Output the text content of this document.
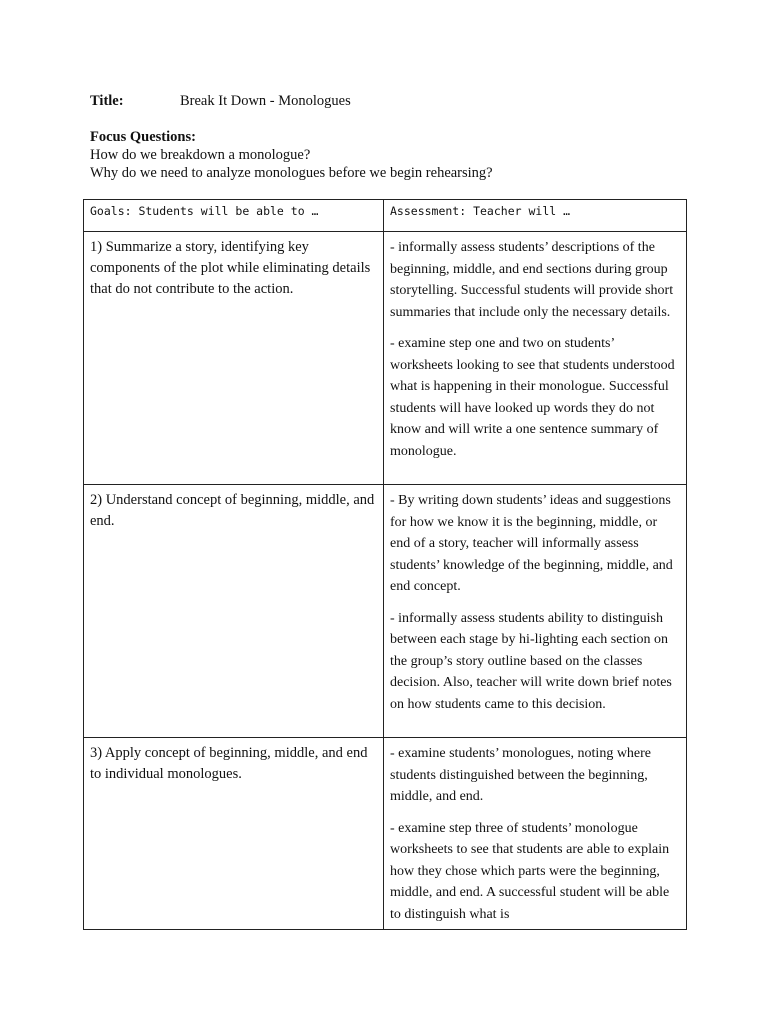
Title:	Break It Down - Monologues
Focus Questions:
How do we breakdown a monologue?
Why do we need to analyze monologues before we begin rehearsing?
Goals: Students will be able to …	Assessment: Teacher will …

1) Summarize a story, identifying key components of the plot while eliminating details that do not contribute to the action.	- informally assess students’ descriptions of the beginning, middle, and end sections during group storytelling. Successful students will provide short summaries that include only the necessary details.

- examine step one and two on students’ worksheets looking to see that students understood what is happening in their monologue. Successful students will have looked up words they do not know and will write a one sentence summary of monologue.

2) Understand concept of beginning, middle, and end.	- By writing down students’ ideas and suggestions for how we know it is the beginning, middle, or end of a story, teacher will informally assess students’ knowledge of the beginning, middle, and end concept.

- informally assess students ability to distinguish between each stage by hi-lighting each section on the group’s story outline based on the classes decision. Also, teacher will write down brief notes on how students came to this decision.

3) Apply concept of beginning, middle, and end to individual monologues.	- examine students’ monologues, noting where students distinguished between the beginning, middle, and end.

- examine step three of students’ monologue worksheets to see that students are able to explain how they chose which parts were the beginning, middle, and end. A successful student will be able to distinguish what is
